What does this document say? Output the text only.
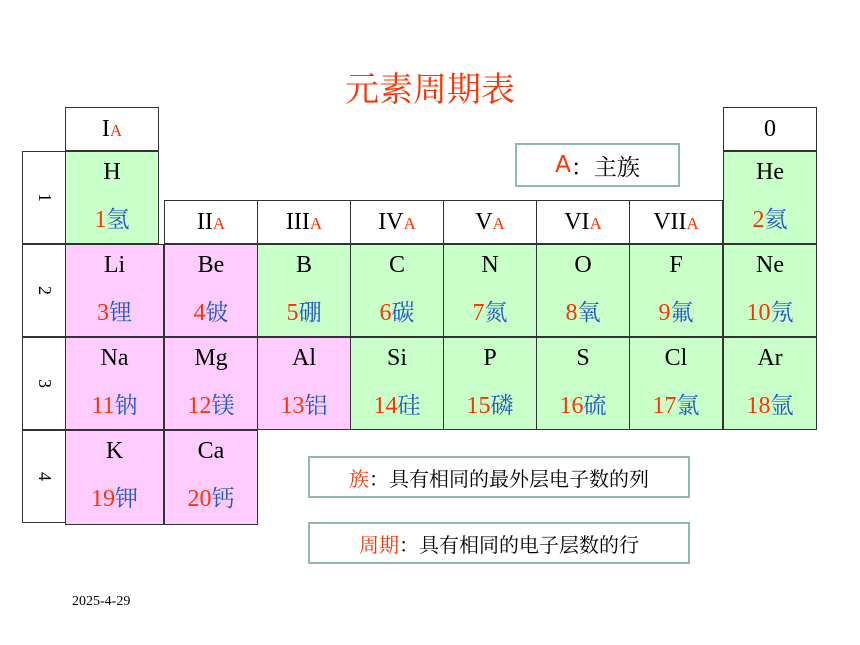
元素周期表
I A
II A	III A IV A V A VI A VII A
0
1
2
3
4
H
1氢
He
2氦
Li
3锂
Be
4铍
B
5硼
C
6碳
N
7氮
O
8氧
F
9氟
Ne
10氖
Na
11钠
Mg
12镁
Al
13铝
Si
14硅
P
15磷
S
16硫
Cl
17氯
Ar
18氩
K
19钾
Ca
20钙
A ：主族
族 ：具有相同的最外层电子数的列
周期 ：具有相同的电子层数的行
2025-4-29
